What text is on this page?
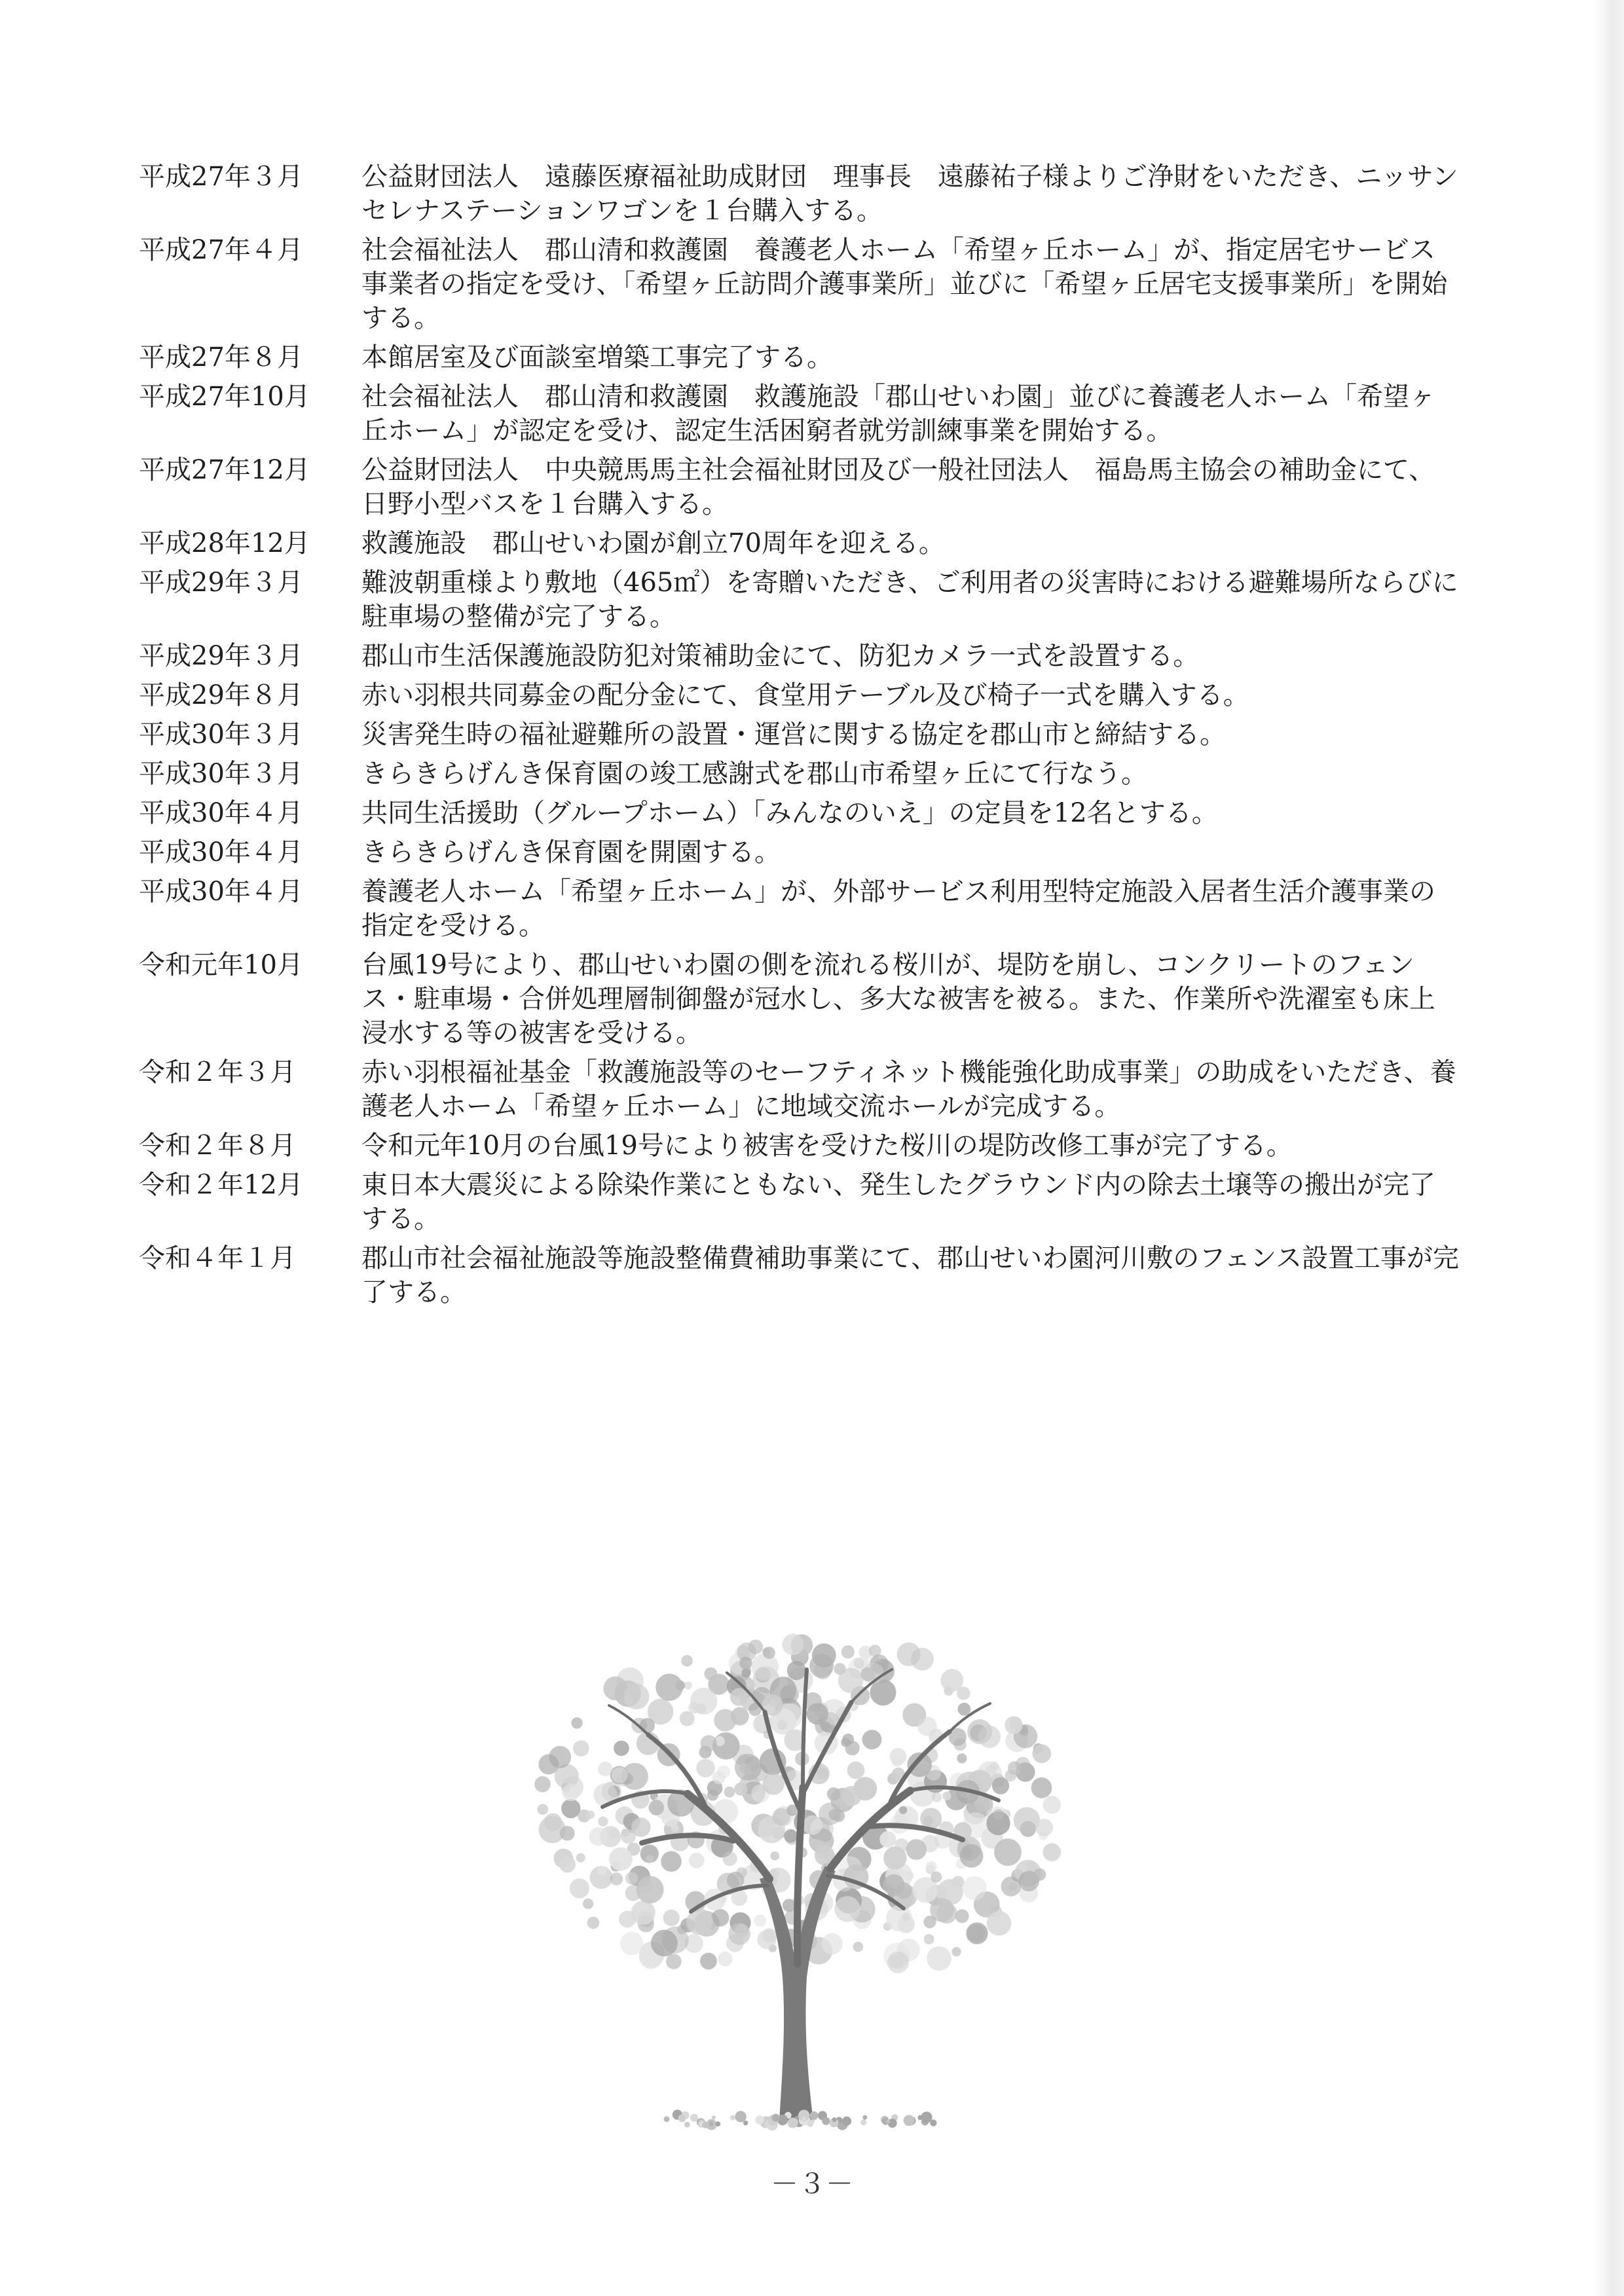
平成27年３月	公益財団法人　遠藤医療福祉助成財団　理事長　遠藤祐子様よりご浄財をいただき、ニッサンセレナステーションワゴンを１台購入する。
平成27年４月	社会福祉法人　郡山清和救護園　養護老人ホーム「希望ヶ丘ホーム」が、指定居宅サービス事業者の指定を受け、「希望ヶ丘訪問介護事業所」並びに「希望ヶ丘居宅支援事業所」を開始する。
平成27年８月	本館居室及び面談室増築工事完了する。
平成27年10月	社会福祉法人　郡山清和救護園　救護施設「郡山せいわ園」並びに養護老人ホーム「希望ヶ丘ホーム」が認定を受け、認定生活困窮者就労訓練事業を開始する。
平成27年12月	公益財団法人　中央競馬馬主社会福祉財団及び一般社団法人　福島馬主協会の補助金にて、日野小型バスを１台購入する。
平成28年12月	救護施設　郡山せいわ園が創立70周年を迎える。
平成29年３月	難波朝重様より敷地（465㎡）を寄贈いただき、ご利用者の災害時における避難場所ならびに駐車場の整備が完了する。
平成29年３月	郡山市生活保護施設防犯対策補助金にて、防犯カメラ一式を設置する。
平成29年８月	赤い羽根共同募金の配分金にて、食堂用テーブル及び椅子一式を購入する。
平成30年３月	災害発生時の福祉避難所の設置・運営に関する協定を郡山市と締結する。
平成30年３月	きらきらげんき保育園の竣工感謝式を郡山市希望ヶ丘にて行なう。
平成30年４月	共同生活援助（グループホーム）「みんなのいえ」の定員を12名とする。
平成30年４月	きらきらげんき保育園を開園する。
平成30年４月	養護老人ホーム「希望ヶ丘ホーム」が、外部サービス利用型特定施設入居者生活介護事業の指定を受ける。
令和元年10月	台風19号により、郡山せいわ園の側を流れる桜川が、堤防を崩し、コンクリートのフェンス・駐車場・合併処理層制御盤が冠水し、多大な被害を被る。また、作業所や洗濯室も床上浸水する等の被害を受ける。
令和２年３月	赤い羽根福祉基金「救護施設等のセーフティネット機能強化助成事業」の助成をいただき、養護老人ホーム「希望ヶ丘ホーム」に地域交流ホールが完成する。
令和２年８月	令和元年10月の台風19号により被害を受けた桜川の堤防改修工事が完了する。
令和２年12月	東日本大震災による除染作業にともない、発生したグラウンド内の除去土壌等の搬出が完了する。
令和４年１月	郡山市社会福祉施設等施設整備費補助事業にて、郡山せいわ園河川敷のフェンス設置工事が完了する。
－３－
